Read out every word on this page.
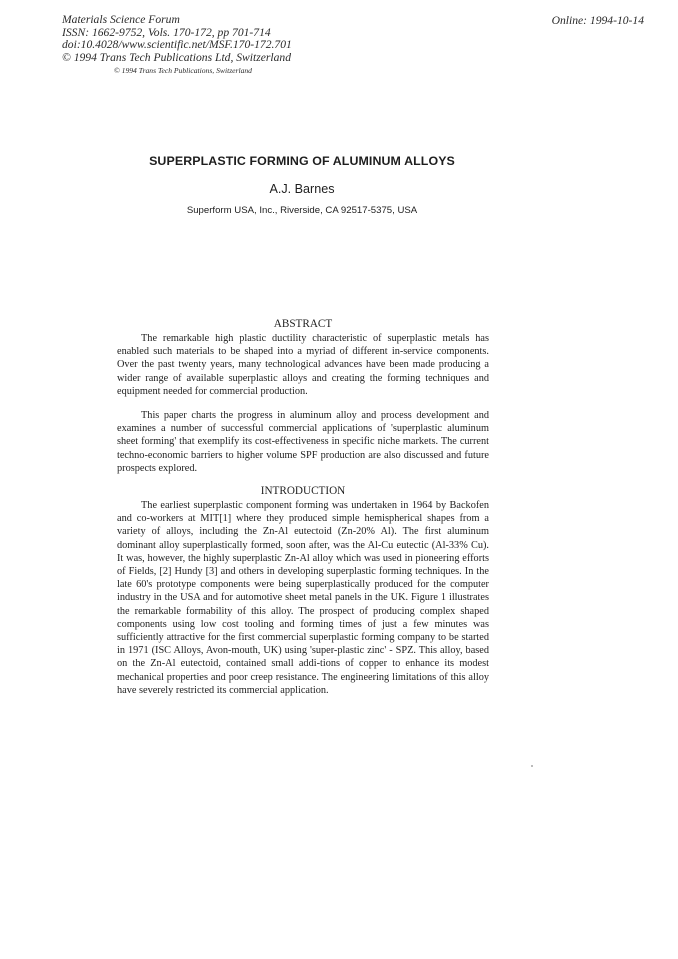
Materials Science Forum
ISSN: 1662-9752, Vols. 170-172, pp 701-714
doi:10.4028/www.scientific.net/MSF.170-172.701
© 1994 Trans Tech Publications Ltd, Switzerland
Online: 1994-10-14
© 1994 Trans Tech Publications, Switzerland
SUPERPLASTIC FORMING OF ALUMINUM ALLOYS
A.J. Barnes
Superform USA, Inc., Riverside, CA 92517-5375, USA
ABSTRACT

The remarkable high plastic ductility characteristic of superplastic metals has enabled such materials to be shaped into a myriad of different in-service components. Over the past twenty years, many technological advances have been made producing a wider range of available superplastic alloys and creating the forming techniques and equipment needed for commercial production.

This paper charts the progress in aluminum alloy and process development and examines a number of successful commercial applications of 'superplastic aluminum sheet forming' that exemplify its cost-effectiveness in specific niche markets. The current techno-economic barriers to higher volume SPF production are also discussed and future prospects explored.

INTRODUCTION

The earliest superplastic component forming was undertaken in 1964 by Backofen and co-workers at MIT[1] where they produced simple hemispherical shapes from a variety of alloys, including the Zn-Al eutectoid (Zn-20% Al). The first aluminum dominant alloy superplastically formed, soon after, was the Al-Cu eutectic (Al-33% Cu). It was, however, the highly superplastic Zn-Al alloy which was used in pioneering efforts of Fields, [2] Hundy [3] and others in developing superplastic forming techniques. In the late 60's prototype components were being superplastically produced for the computer industry in the USA and for automotive sheet metal panels in the UK. Figure 1 illustrates the remarkable formability of this alloy. The prospect of producing complex shaped components using low cost tooling and forming times of just a few minutes was sufficiently attractive for the first commercial superplastic forming company to be started in 1971 (ISC Alloys, Avon-mouth, UK) using 'super-plastic zinc' - SPZ. This alloy, based on the Zn-Al eutectoid, contained small addi-tions of copper to enhance its modest mechanical properties and poor creep resistance. The engineering limitations of this alloy have severely restricted its commercial application.
